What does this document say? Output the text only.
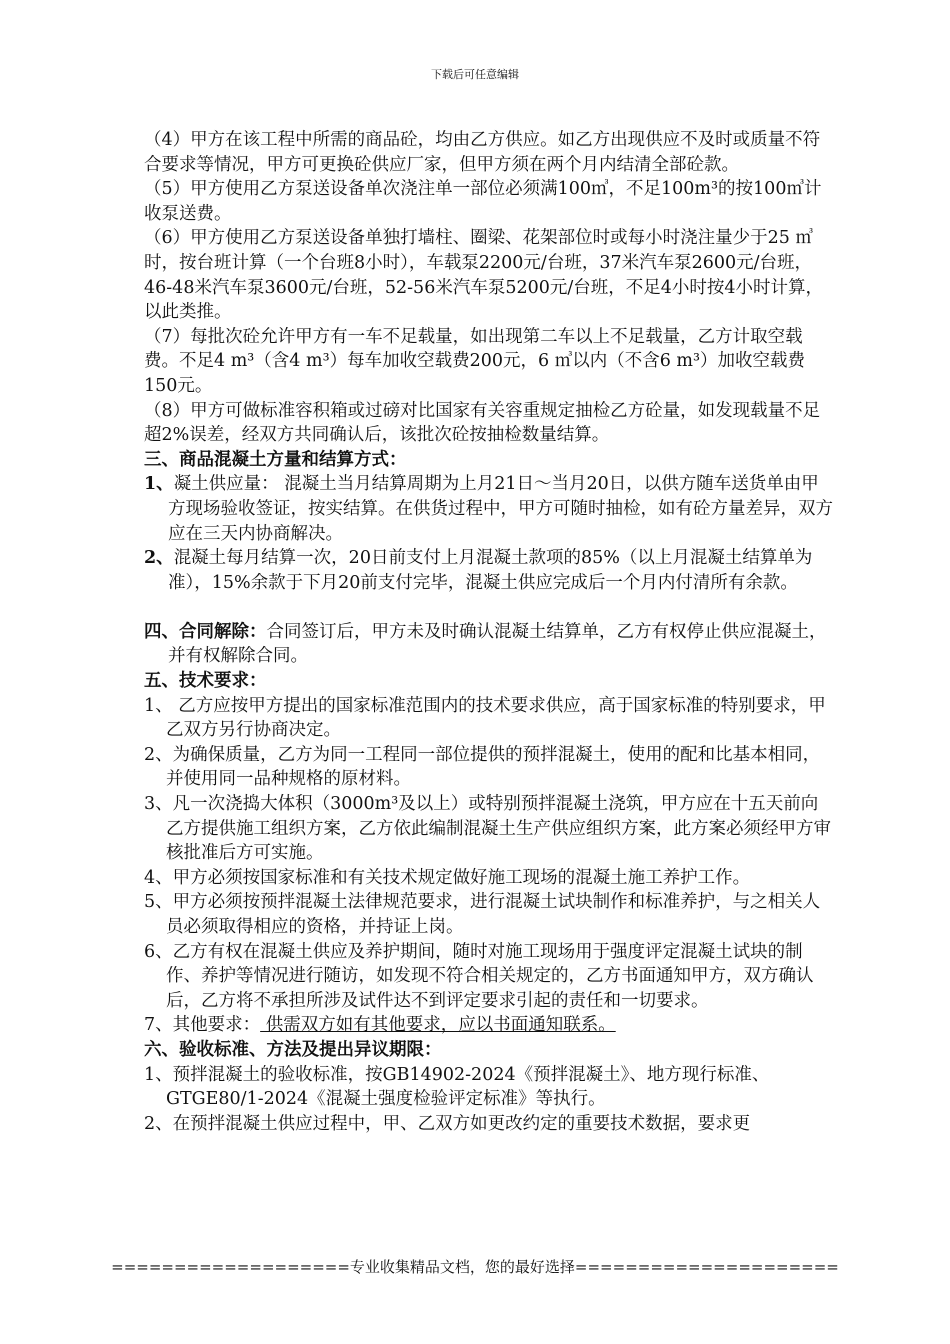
下载后可任意编辑

（4）甲方在该工程中所需的商品砼，均由乙方供应。如乙方出现供应不及时或质量不符合要求等情况，甲方可更换砼供应厂家，但甲方须在两个月内结清全部砼款。

（5）甲方使用乙方泵送设备单次浇注单一部位必须满100㎥，不足100m³的按100㎥计收泵送费。

（6）甲方使用乙方泵送设备单独打墙柱、圈梁、花架部位时或每小时浇注量少于25 ㎥时，按台班计算（一个台班8小时），车载泵2200元/台班，37米汽车泵2600元/台班，46-48米汽车泵3600元/台班，52-56米汽车泵5200元/台班，不足4小时按4小时计算，以此类推。

（7）每批次砼允许甲方有一车不足载量，如出现第二车以上不足载量，乙方计取空载费。不足4 m³（含4 m³）每车加收空载费200元，6 ㎥以内（不含6 m³）加收空载费150元。

（8）甲方可做标准容积箱或过磅对比国家有关容重规定抽检乙方砼量，如发现载量不足超2%误差，经双方共同确认后，该批次砼按抽检数量结算。

三、商品混凝土方量和结算方式：

1、凝土供应量： 混凝土当月结算周期为上月21日～当月20日，以供方随车送货单由甲方现场验收签证，按实结算。在供货过程中，甲方可随时抽检，如有砼方量差异，双方应在三天内协商解决。

2、混凝土每月结算一次，20日前支付上月混凝土款项的85%（以上月混凝土结算单为准），15%余款于下月20前支付完毕，混凝土供应完成后一个月内付清所有余款。

四、合同解除：合同签订后，甲方未及时确认混凝土结算单，乙方有权停止供应混凝土，并有权解除合同。

五、技术要求：

1、 乙方应按甲方提出的国家标准范围内的技术要求供应，高于国家标准的特别要求，甲乙双方另行协商决定。

2、为确保质量，乙方为同一工程同一部位提供的预拌混凝土，使用的配和比基本相同，并使用同一品种规格的原材料。

3、凡一次浇捣大体积（3000m³及以上）或特别预拌混凝土浇筑，甲方应在十五天前向乙方提供施工组织方案，乙方依此编制混凝土生产供应组织方案，此方案必须经甲方审核批准后方可实施。

4、甲方必须按国家标准和有关技术规定做好施工现场的混凝土施工养护工作。

5、甲方必须按预拌混凝土法律规范要求，进行混凝土试块制作和标准养护，与之相关人员必须取得相应的资格，并持证上岗。

6、乙方有权在混凝土供应及养护期间，随时对施工现场用于强度评定混凝土试块的制作、养护等情况进行随访，如发现不符合相关规定的，乙方书面通知甲方，双方确认后，乙方将不承担所涉及试件达不到评定要求引起的责任和一切要求。

7、其他要求： 供需双方如有其他要求，应以书面通知联系。

六、验收标准、方法及提出异议期限：

1、预拌混凝土的验收标准，按GB14902-2024《预拌混凝土》、地方现行标准、GTGE80/1-2024《混凝土强度检验评定标准》等执行。

2、在预拌混凝土供应过程中，甲、乙双方如更改约定的重要技术数据，要求更

===================专业收集精品文档，您的最好选择=====================
